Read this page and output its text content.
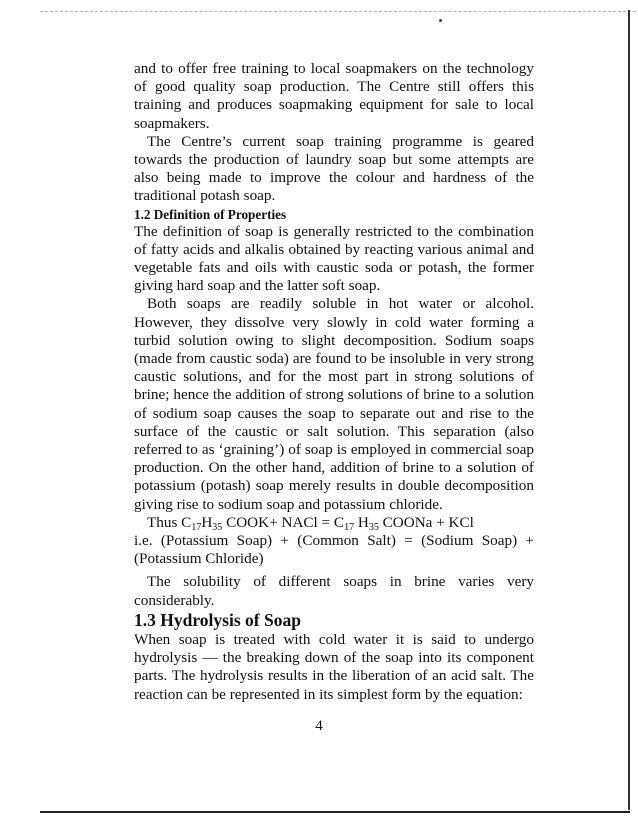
and to offer free training to local soapmakers on the technology of good quality soap production. The Centre still offers this training and produces soapmaking equipment for sale to local soapmakers.

The Centre’s current soap training programme is geared towards the production of laundry soap but some attempts are also being made to improve the colour and hardness of the traditional potash soap.

1.2 Definition of Properties

The definition of soap is generally restricted to the combination of fatty acids and alkalis obtained by reacting various animal and vegetable fats and oils with caustic soda or potash, the former giving hard soap and the latter soft soap.

Both soaps are readily soluble in hot water or alcohol. However, they dissolve very slowly in cold water forming a turbid solution owing to slight decomposition. Sodium soaps (made from caustic soda) are found to be insoluble in very strong caustic solutions, and for the most part in strong solutions of brine; hence the addition of strong solutions of brine to a solution of sodium soap causes the soap to separate out and rise to the surface of the caustic or salt solution. This separation (also referred to as ‘graining’) of soap is employed in commercial soap production. On the other hand, addition of brine to a solution of potassium (potash) soap merely results in double decomposition giving rise to sodium soap and potassium chloride.

Thus $C_{17}H_{35}$ COOK+ NACl = $C_{17}$ $H_{35}$ COONa + KCl

i.e. (Potassium Soap) + (Common Salt) = (Sodium Soap) + (Potassium Chloride)

The solubility of different soaps in brine varies very considerably.

1.3 Hydrolysis of Soap

When soap is treated with cold water it is said to undergo hydrolysis — the breaking down of the soap into its component parts. The hydrolysis results in the liberation of an acid salt. The reaction can be represented in its simplest form by the equation:

4
